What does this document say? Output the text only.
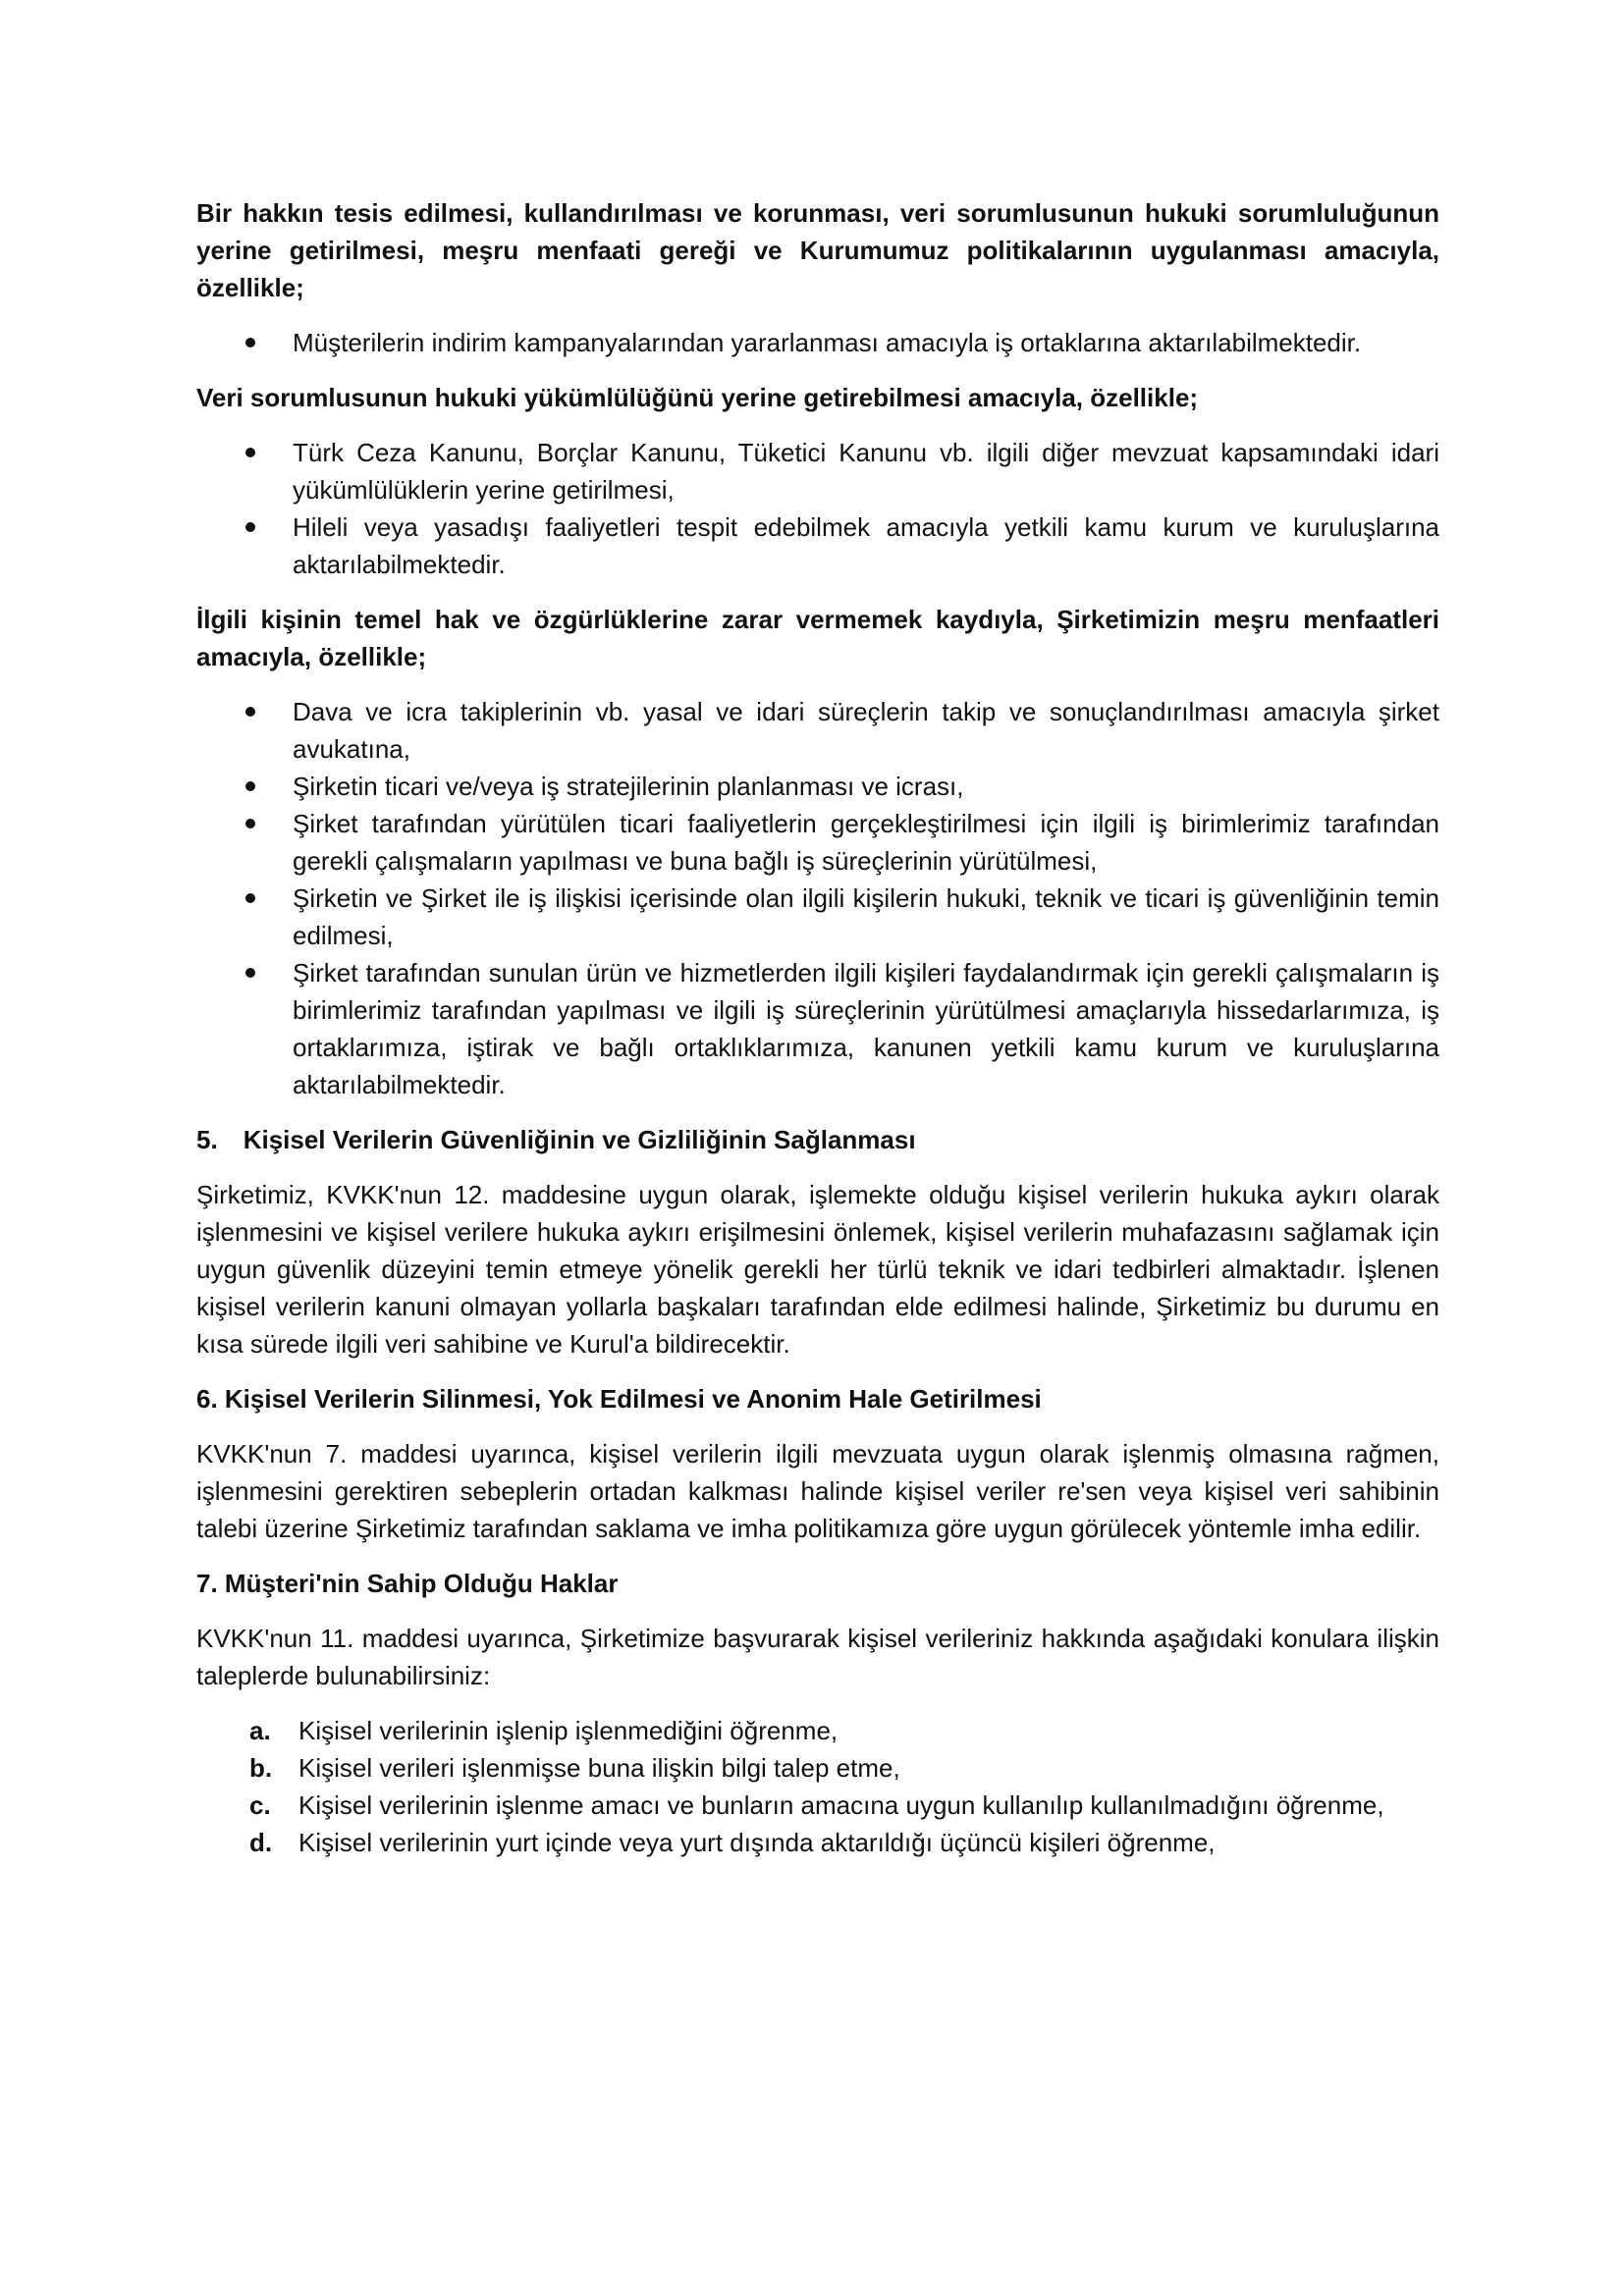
Bir hakkın tesis edilmesi, kullandırılması ve korunması, veri sorumlusunun hukuki sorumluluğunun yerine getirilmesi, meşru menfaati gereği ve Kurumumuz politikalarının uygulanması amacıyla, özellikle;

Müşterilerin indirim kampanyalarından yararlanması amacıyla iş ortaklarına aktarılabilmektedir.

Veri sorumlusunun hukuki yükümlülüğünü yerine getirebilmesi amacıyla, özellikle;

Türk Ceza Kanunu, Borçlar Kanunu, Tüketici Kanunu vb. ilgili diğer mevzuat kapsamındaki idari yükümlülüklerin yerine getirilmesi,
Hileli veya yasadışı faaliyetleri tespit edebilmek amacıyla yetkili kamu kurum ve kuruluşlarına aktarılabilmektedir.

İlgili kişinin temel hak ve özgürlüklerine zarar vermemek kaydıyla, Şirketimizin meşru menfaatleri amacıyla, özellikle;

Dava ve icra takiplerinin vb. yasal ve idari süreçlerin takip ve sonuçlandırılması amacıyla şirket avukatına,
Şirketin ticari ve/veya iş stratejilerinin planlanması ve icrası,
Şirket tarafından yürütülen ticari faaliyetlerin gerçekleştirilmesi için ilgili iş birimlerimiz tarafından gerekli çalışmaların yapılması ve buna bağlı iş süreçlerinin yürütülmesi,
Şirketin ve Şirket ile iş ilişkisi içerisinde olan ilgili kişilerin hukuki, teknik ve ticari iş güvenliğinin temin edilmesi,
Şirket tarafından sunulan ürün ve hizmetlerden ilgili kişileri faydalandırmak için gerekli çalışmaların iş birimlerimiz tarafından yapılması ve ilgili iş süreçlerinin yürütülmesi amaçlarıyla hissedarlarımıza, iş ortaklarımıza, iştirak ve bağlı ortaklıklarımıza, kanunen yetkili kamu kurum ve kuruluşlarına aktarılabilmektedir.

5. Kişisel Verilerin Güvenliğinin ve Gizliliğinin Sağlanması

Şirketimiz, KVKK'nun 12. maddesine uygun olarak, işlemekte olduğu kişisel verilerin hukuka aykırı olarak işlenmesini ve kişisel verilere hukuka aykırı erişilmesini önlemek, kişisel verilerin muhafazasını sağlamak için uygun güvenlik düzeyini temin etmeye yönelik gerekli her türlü teknik ve idari tedbirleri almaktadır. İşlenen kişisel verilerin kanuni olmayan yollarla başkaları tarafından elde edilmesi halinde, Şirketimiz bu durumu en kısa sürede ilgili veri sahibine ve Kurul'a bildirecektir.

6. Kişisel Verilerin Silinmesi, Yok Edilmesi ve Anonim Hale Getirilmesi

KVKK'nun 7. maddesi uyarınca, kişisel verilerin ilgili mevzuata uygun olarak işlenmiş olmasına rağmen, işlenmesini gerektiren sebeplerin ortadan kalkması halinde kişisel veriler re'sen veya kişisel veri sahibinin talebi üzerine Şirketimiz tarafından saklama ve imha politikamıza göre uygun görülecek yöntemle imha edilir.

7. Müşteri'nin Sahip Olduğu Haklar

KVKK'nun 11. maddesi uyarınca, Şirketimize başvurarak kişisel verileriniz hakkında aşağıdaki konulara ilişkin taleplerde bulunabilirsiniz:

a. Kişisel verilerinin işlenip işlenmediğini öğrenme,
b. Kişisel verileri işlenmişse buna ilişkin bilgi talep etme,
c. Kişisel verilerinin işlenme amacı ve bunların amacına uygun kullanılıp kullanılmadığını öğrenme,
d. Kişisel verilerinin yurt içinde veya yurt dışında aktarıldığı üçüncü kişileri öğrenme,
